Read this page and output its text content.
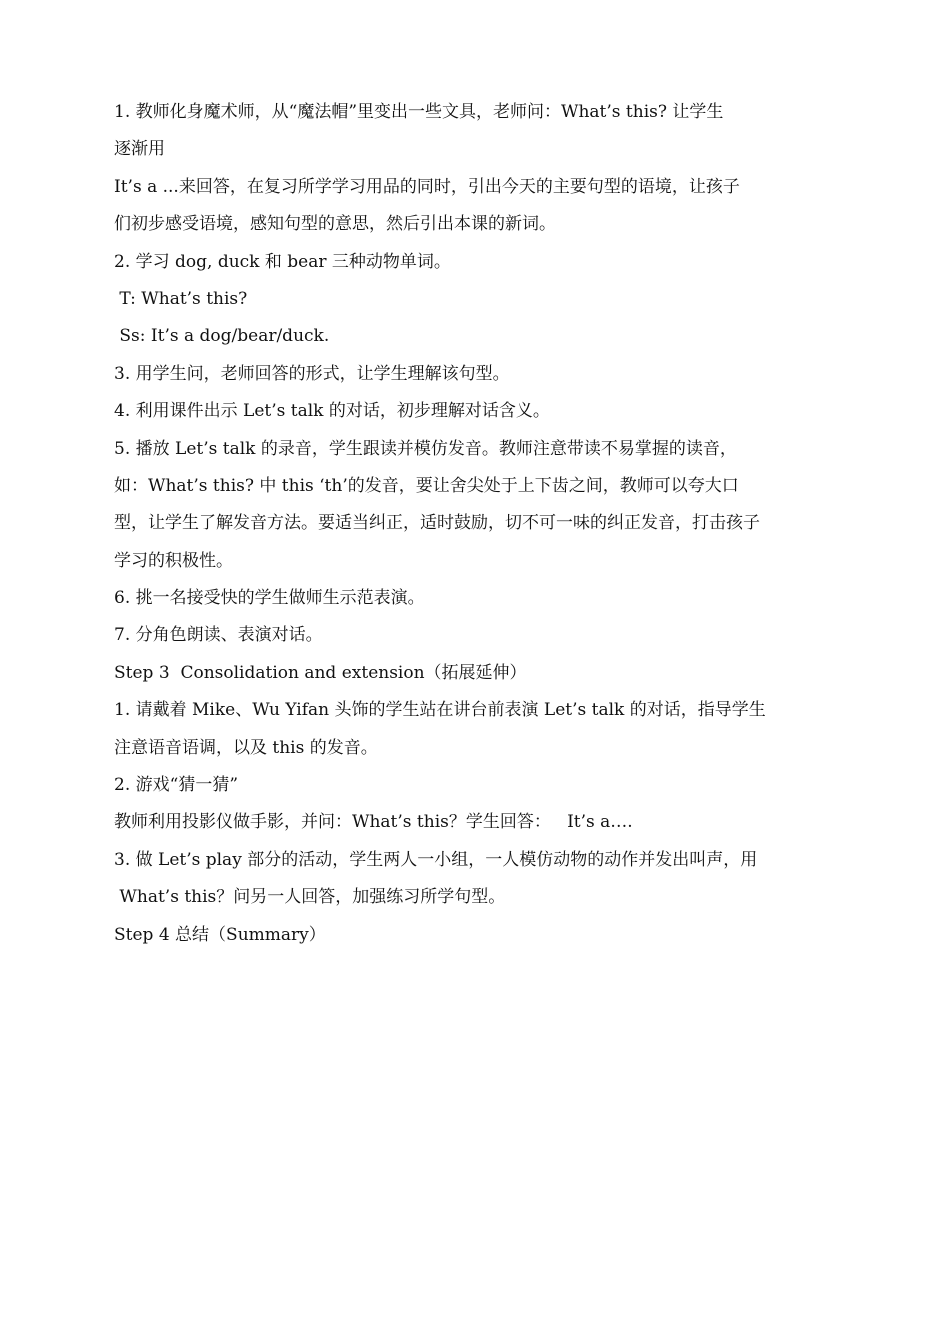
1. 教师化身魔术师，从“魔法帽”里变出一些文具，老师问：What’s this? 让学生

逐渐用

It’s a ...来回答，在复习所学学习用品的同时，引出今天的主要句型的语境，让孩子

们初步感受语境，感知句型的意思，然后引出本课的新词。

2. 学习 dog, duck 和 bear 三种动物单词。

T: What’s this?

Ss: It’s a dog/bear/duck.

3. 用学生问，老师回答的形式，让学生理解该句型。

4. 利用课件出示 Let’s talk 的对话，初步理解对话含义。

5. 播放 Let’s talk 的录音，学生跟读并模仿发音。教师注意带读不易掌握的读音，

如：What’s this? 中 this ‘th’的发音，要让舍尖处于上下齿之间，教师可以夸大口

型，让学生了解发音方法。要适当纠正，适时鼓励，切不可一味的纠正发音，打击孩子

学习的积极性。

6. 挑一名接受快的学生做师生示范表演。

7. 分角色朗读、表演对话。

Step 3  Consolidation and extension（拓展延伸）

1. 请戴着 Mike、Wu Yifan 头饰的学生站在讲台前表演 Let’s talk 的对话，指导学生

注意语音语调，以及 this 的发音。

2. 游戏“猜一猜”

教师利用投影仪做手影，并问：What’s this？学生回答：   It’s a….

3. 做 Let’s play 部分的活动，学生两人一小组，一人模仿动物的动作并发出叫声，用

What’s this？问另一人回答，加强练习所学句型。

Step 4 总结（Summary）
